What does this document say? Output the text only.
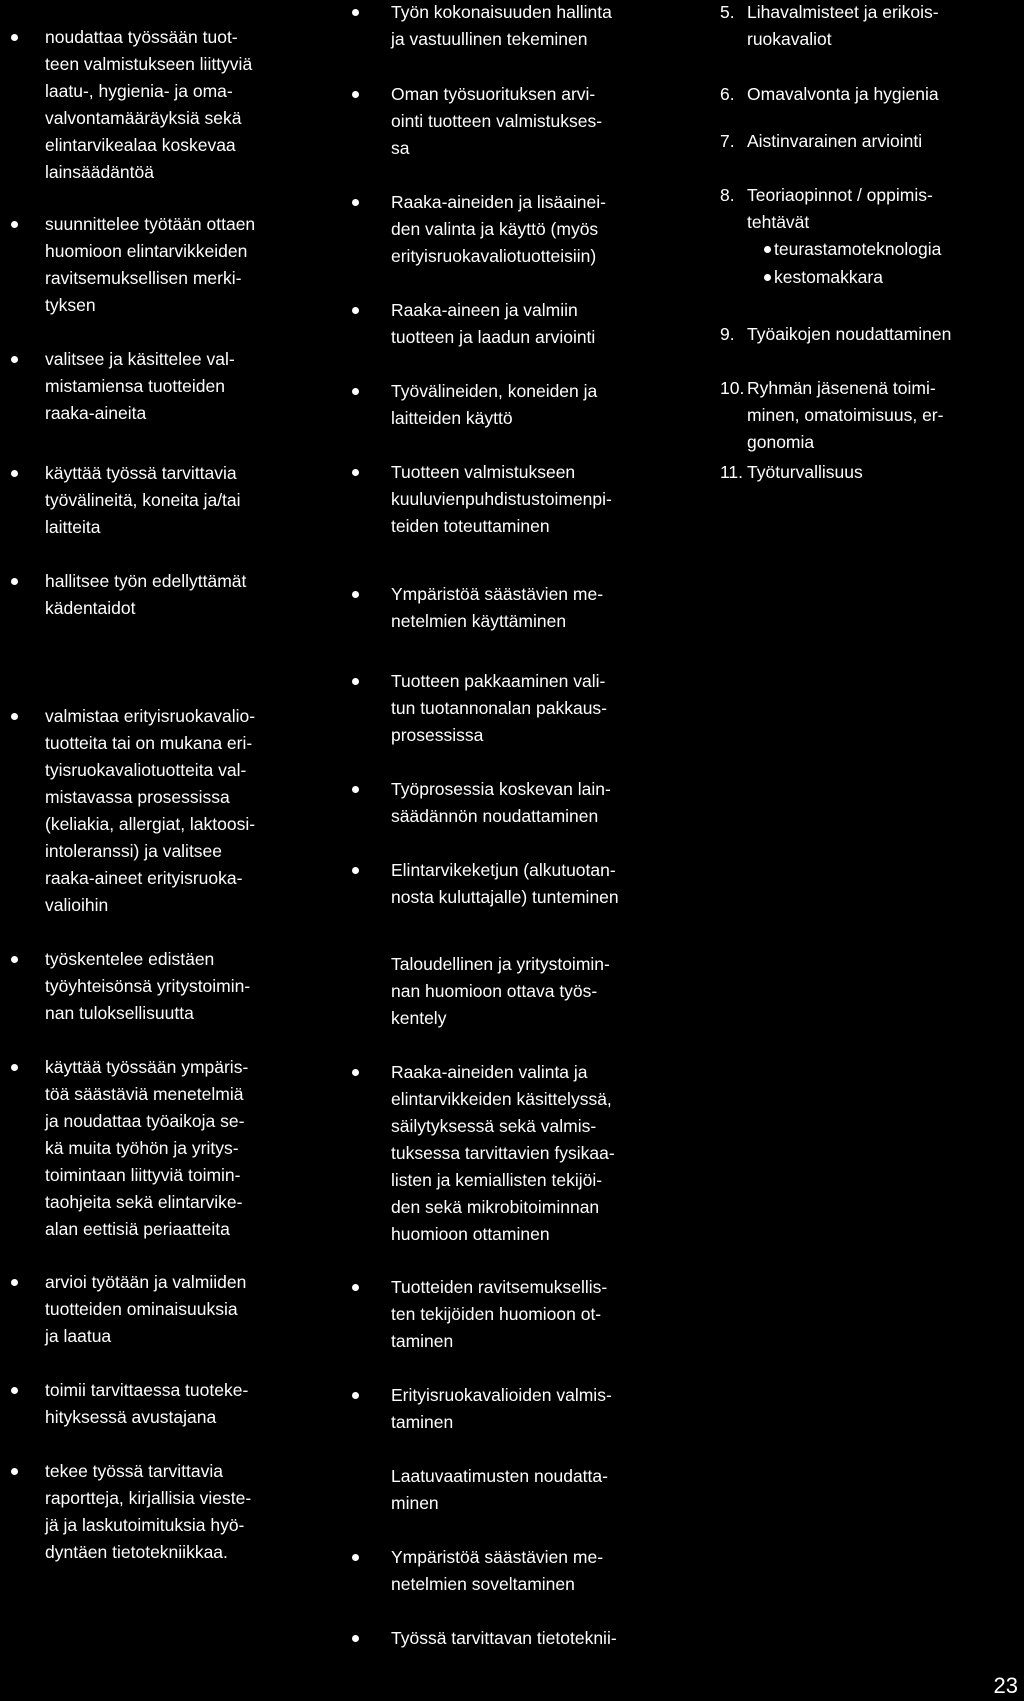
noudattaa työssään tuot-
teen valmistukseen liittyviä
laatu-, hygienia- ja oma-
valvontamääräyksiä sekä
elintarvikealaa koskevaa
lainsäädäntöä
suunnittelee työtään ottaen
huomioon elintarvikkeiden
ravitsemuksellisen merki-
tyksen
valitsee ja käsittelee val-
mistamiensa tuotteiden
raaka-aineita
käyttää työssä tarvittavia
työvälineitä, koneita ja/tai
laitteita
hallitsee työn edellyttämät
kädentaidot
valmistaa erityisruokavalio-
tuotteita tai on mukana eri-
tyisruokavaliotuotteita val-
mistavassa prosessissa
(keliakia, allergiat, laktoosi-
intoleranssi) ja valitsee
raaka-aineet erityisruoka-
valioihin
työskentelee edistäen
työyhteisönsä yritystoimin-
nan tuloksellisuutta
käyttää työssään ympäris-
töä säästäviä menetelmiä
ja noudattaa työaikoja se-
kä muita työhön ja yritys-
toimintaan liittyviä toimin-
taohjeita sekä elintarvike-
alan eettisiä periaatteita
arvioi työtään ja valmiiden
tuotteiden ominaisuuksia
ja laatua
toimii tarvittaessa tuoteke-
hityksessä avustajana
tekee työssä tarvittavia
raportteja, kirjallisia vieste-
jä ja laskutoimituksia hyö-
dyntäen tietotekniikkaa.
Työn kokonaisuuden hallinta
ja vastuullinen tekeminen
Oman työsuorituksen arvi-
ointi tuotteen valmistukses-
sa
Raaka-aineiden ja lisäainei-
den valinta ja käyttö (myös
erityisruokavaliotuotteisiin)
Raaka-aineen ja valmiin
tuotteen ja laadun arviointi
Työvälineiden, koneiden ja
laitteiden käyttö
Tuotteen valmistukseen
kuuluvienpuhdistustoimenpi-
teiden toteuttaminen
Ympäristöä säästävien me-
netelmien käyttäminen
Tuotteen pakkaaminen vali-
tun tuotannonalan pakkaus-
prosessissa
Työprosessia koskevan lain-
säädännön noudattaminen
Elintarvikeketjun (alkutuotan-
nosta kuluttajalle) tunteminen
Taloudellinen ja yritystoimin-
nan huomioon ottava työs-
kentely
Raaka-aineiden valinta ja
elintarvikkeiden käsittelyssä,
säilytyksessä sekä valmis-
tuksessa tarvittavien fysikaa-
listen ja kemiallisten tekijöi-
den sekä mikrobitoiminnan
huomioon ottaminen
Tuotteiden ravitsemuksellis-
ten tekijöiden huomioon ot-
taminen
Erityisruokavalioiden valmis-
taminen
Laatuvaatimusten noudatta-
minen
Ympäristöä säästävien me-
netelmien soveltaminen
Työssä tarvittavan tietotekniі-
5. Lihavalmisteet ja erikois-
ruokavaliot
6. Omavalvonta ja hygienia
7. Aistinvarainen arviointi
8. Teoriaopinnot / oppimis-
tehtävät
teurastamoteknologia
kestomakkara
9. Työaikojen noudattaminen
10. Ryhmän jäsenenä toimi-
minen, omatoimisuus, er-
gonomia
11. Työturvallisuus
23
